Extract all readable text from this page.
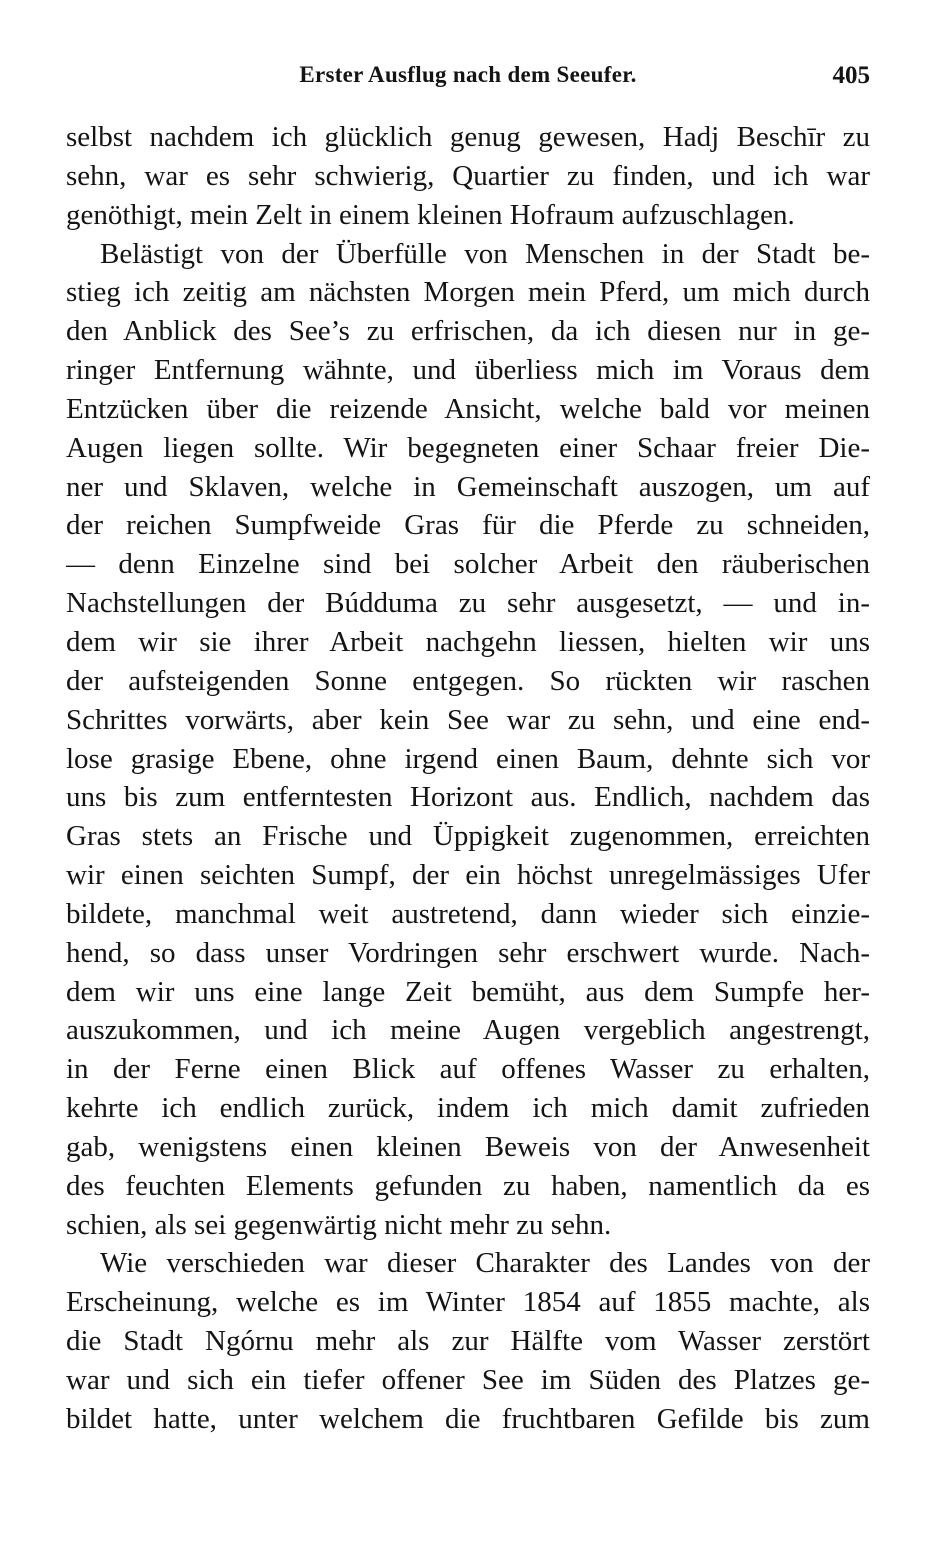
Erster Ausflug nach dem Seeufer.	405
selbst nachdem ich glücklich genug gewesen, Hadj Beschīr zu
sehn, war es sehr schwierig, Quartier zu finden, und ich war
genöthigt, mein Zelt in einem kleinen Hofraum aufzuschlagen.
Belästigt von der Überfülle von Menschen in der Stadt be-
stieg ich zeitig am nächsten Morgen mein Pferd, um mich durch
den Anblick des See’s zu erfrischen, da ich diesen nur in ge-
ringer Entfernung wähnte, und überliess mich im Voraus dem
Entzücken über die reizende Ansicht, welche bald vor meinen
Augen liegen sollte. Wir begegneten einer Schaar freier Die-
ner und Sklaven, welche in Gemeinschaft auszogen, um auf
der reichen Sumpfweide Gras für die Pferde zu schneiden,
— denn Einzelne sind bei solcher Arbeit den räuberischen
Nachstellungen der Búdduma zu sehr ausgesetzt, — und in-
dem wir sie ihrer Arbeit nachgehn liessen, hielten wir uns
der aufsteigenden Sonne entgegen. So rückten wir raschen
Schrittes vorwärts, aber kein See war zu sehn, und eine end-
lose grasige Ebene, ohne irgend einen Baum, dehnte sich vor
uns bis zum entferntesten Horizont aus. Endlich, nachdem das
Gras stets an Frische und Üppigkeit zugenommen, erreichten
wir einen seichten Sumpf, der ein höchst unregelmässiges Ufer
bildete, manchmal weit austretend, dann wieder sich einzie-
hend, so dass unser Vordringen sehr erschwert wurde. Nach-
dem wir uns eine lange Zeit bemüht, aus dem Sumpfe her-
auszukommen, und ich meine Augen vergeblich angestrengt,
in der Ferne einen Blick auf offenes Wasser zu erhalten,
kehrte ich endlich zurück, indem ich mich damit zufrieden
gab, wenigstens einen kleinen Beweis von der Anwesenheit
des feuchten Elements gefunden zu haben, namentlich da es
schien, als sei gegenwärtig nicht mehr zu sehn.
Wie verschieden war dieser Charakter des Landes von der
Erscheinung, welche es im Winter 1854 auf 1855 machte, als
die Stadt Ngórnu mehr als zur Hälfte vom Wasser zerstört
war und sich ein tiefer offener See im Süden des Platzes ge-
bildet hatte, unter welchem die fruchtbaren Gefilde bis zum
